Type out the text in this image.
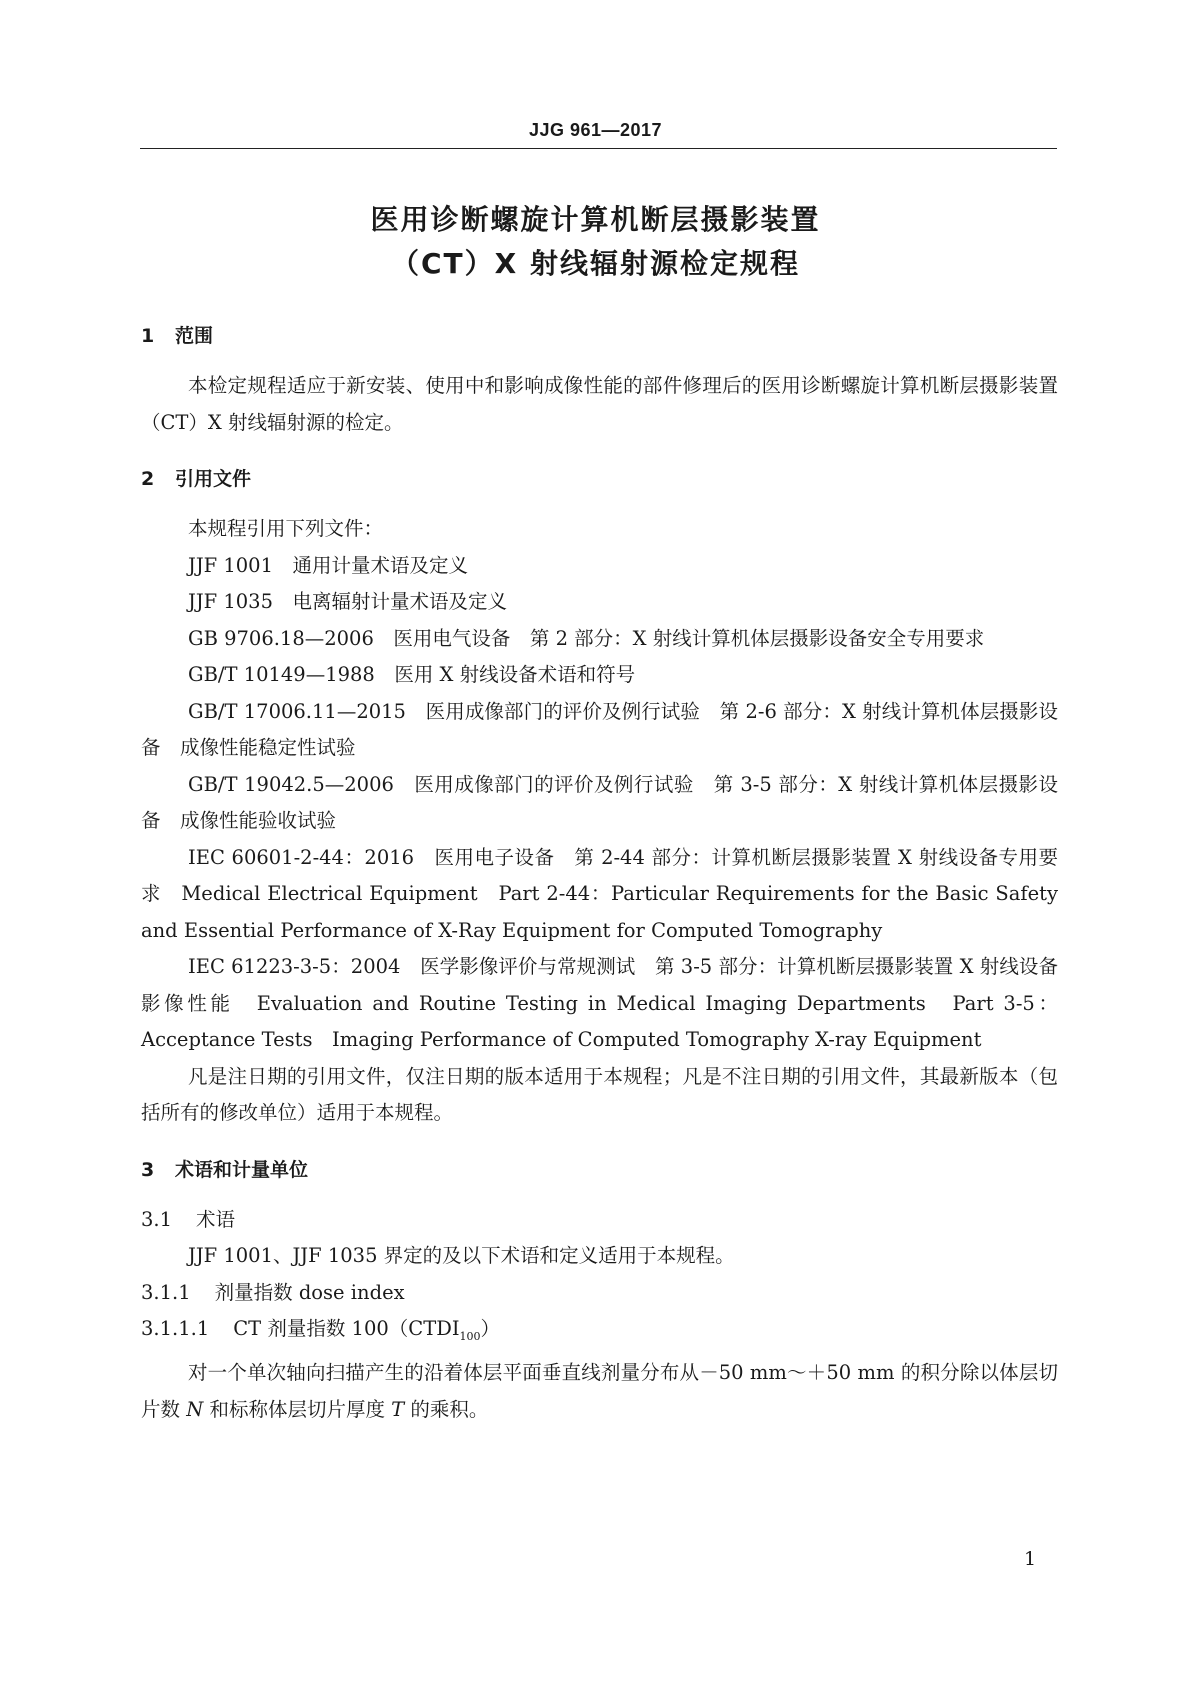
JJG 961—2017
医用诊断螺旋计算机断层摄影装置
（CT）X 射线辐射源检定规程

1 范围

本检定规程适应于新安装、使用中和影响成像性能的部件修理后的医用诊断螺旋计算机断层摄影装置（CT）X 射线辐射源的检定。

2 引用文件

本规程引用下列文件：

JJF 1001　通用计量术语及定义

JJF 1035　电离辐射计量术语及定义

GB 9706.18—2006　医用电气设备　第 2 部分：X 射线计算机体层摄影设备安全专用要求

GB/T 10149—1988　医用 X 射线设备术语和符号

GB/T 17006.11—2015　医用成像部门的评价及例行试验　第 2-6 部分：X 射线计算机体层摄影设备　成像性能稳定性试验

GB/T 19042.5—2006　医用成像部门的评价及例行试验　第 3-5 部分：X 射线计算机体层摄影设备　成像性能验收试验

IEC 60601-2-44：2016　医用电子设备　第 2-44 部分：计算机断层摄影装置 X 射线设备专用要求　Medical Electrical Equipment　Part 2-44：Particular Requirements for the Basic Safety and Essential Performance of X-Ray Equipment for Computed Tomography

IEC 61223-3-5：2004　医学影像评价与常规测试　第 3-5 部分：计算机断层摄影装置 X 射线设备影像性能　Evaluation and Routine Testing in Medical Imaging Departments　Part 3-5：Acceptance Tests　Imaging Performance of Computed Tomography X-ray Equipment

凡是注日期的引用文件，仅注日期的版本适用于本规程；凡是不注日期的引用文件，其最新版本（包括所有的修改单位）适用于本规程。

3 术语和计量单位

3.1 术语

JJF 1001、JJF 1035 界定的及以下术语和定义适用于本规程。

3.1.1 剂量指数 dose index

3.1.1.1 CT 剂量指数 $100(CTDI_{100})$

对一个单次轴向扫描产生的沿着体层平面垂直线剂量分布从－50 mm～＋50 mm 的积分除以体层切片数 N 和标称体层切片厚度 T 的乘积。

1
